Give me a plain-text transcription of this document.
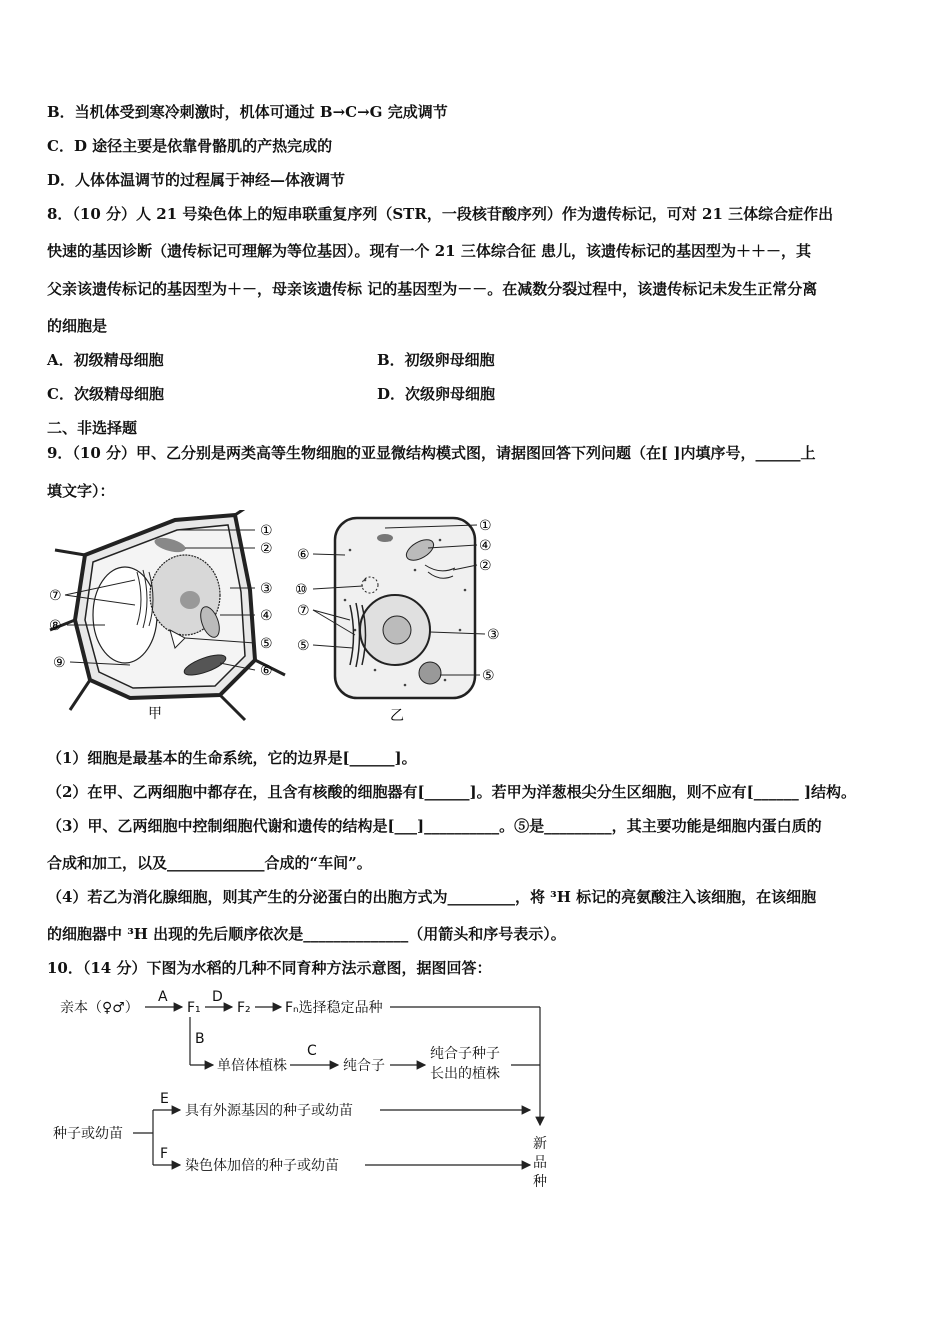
B．当机体受到寒冷刺激时，机体可通过 B→C→G 完成调节
C．D 途径主要是依靠骨骼肌的产热完成的
D．人体体温调节的过程属于神经—体液调节
8．（10 分）人 21 号染色体上的短串联重复序列（STR，一段核苷酸序列）作为遗传标记，可对 21 三体综合症作出
快速的基因诊断（遗传标记可理解为等位基因）。现有一个 21 三体综合征 患儿，该遗传标记的基因型为＋＋－，其
父亲该遗传标记的基因型为＋－，母亲该遗传标 记的基因型为－－。在减数分裂过程中，该遗传标记未发生正常分离
的细胞是
A．初级精母细胞	B．初级卵母细胞
C．次级精母细胞	D．次级卵母细胞
二、非选择题
9．（10 分）甲、乙分别是两类高等生物细胞的亚显微结构模式图，请据图回答下列问题（在[ ]内填序号，______上
填文字）：
①
②
③
④
⑤
⑥
⑦
⑧
⑨
甲
①
④
②
⑥
⑩
⑦
⑤
③
⑤
乙
（1）细胞是最基本的生命系统，它的边界是[______]。
（2）在甲、乙两细胞中都存在，且含有核酸的细胞器有[______]。若甲为洋葱根尖分生区细胞，则不应有[______ ]结构。
（3）甲、乙两细胞中控制细胞代谢和遗传的结构是[___]__________。⑤是_________，其主要功能是细胞内蛋白质的
合成和加工，以及_____________合成的“车间”。
（4）若乙为消化腺细胞，则其产生的分泌蛋白的出胞方式为_________，将 ³H 标记的亮氨酸注入该细胞，在该细胞
的细胞器中 ³H 出现的先后顺序依次是______________（用箭头和序号表示）。
10．（14 分）下图为水稻的几种不同育种方法示意图，据图回答：
亲本（♀♂）
A
F₁
D
F₂ Fₙ选择稳定品种
B
单倍体植株
C
纯合子
纯合子种子
长出的植株
种子或幼苗
E
具有外源基因的种子或幼苗
F
染色体加倍的种子或幼苗
新
品
种
